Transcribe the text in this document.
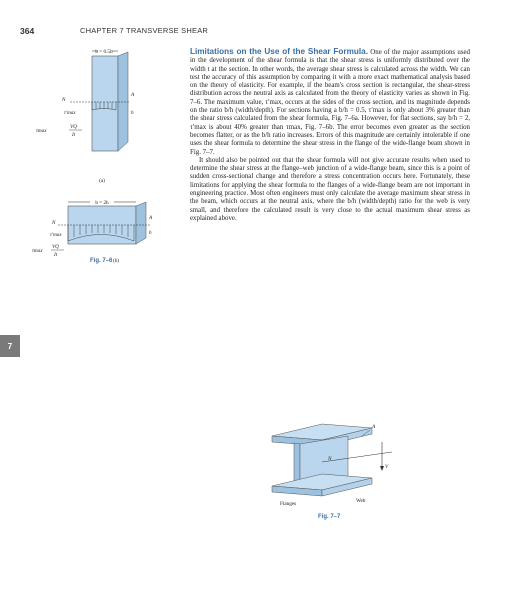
364	CHAPTER 7 TRANSVERSE SHEAR
7
b = 0.5h
N
A
τ′max
VQ
It
τmax
h
(a)
b = 2h
N
A
τ′max
VQ
It
τmax
h
(b)
Fig. 7–6

Limitations on the Use of the Shear Formula. One of the major assumptions used in the development of the shear formula is that the shear stress is uniformly distributed over the width t at the section. In other words, the average shear stress is calculated across the width. We can test the accuracy of this assumption by comparing it with a more exact mathematical analysis based on the theory of elasticity. For example, if the beam's cross section is rectangular, the shear-stress distribution across the neutral axis as calculated from the theory of elasticity varies as shown in Fig. 7–6. The maximum value, τ′max, occurs at the sides of the cross section, and its magnitude depends on the ratio b/h (width/depth). For sections having a b/h = 0.5, τ′max is only about 3% greater than the shear stress calculated from the shear formula, Fig. 7–6a. However, for flat sections, say b/h = 2, τ′max is about 40% greater than τmax, Fig. 7–6b. The error becomes even greater as the section becomes flatter, or as the b/h ratio increases. Errors of this magnitude are certainly intolerable if one uses the shear formula to determine the shear stress in the flange of the wide-flange beam shown in Fig. 7–7.

It should also be pointed out that the shear formula will not give accurate results when used to determine the shear stress at the flange–web junction of a wide-flange beam, since this is a point of sudden cross-sectional change and therefore a stress concentration occurs here. Fortunately, these limitations for applying the shear formula to the flanges of a wide-flange beam are not important in engineering practice. Most often engineers must only calculate the average maximum shear stress in the beam, which occurs at the neutral axis, where the b/h (width/depth) ratio for the web is very small, and therefore the calculated result is very close to the actual maximum shear stress as explained above.

N
A
V
Flanges	Web
Fig. 7–7
